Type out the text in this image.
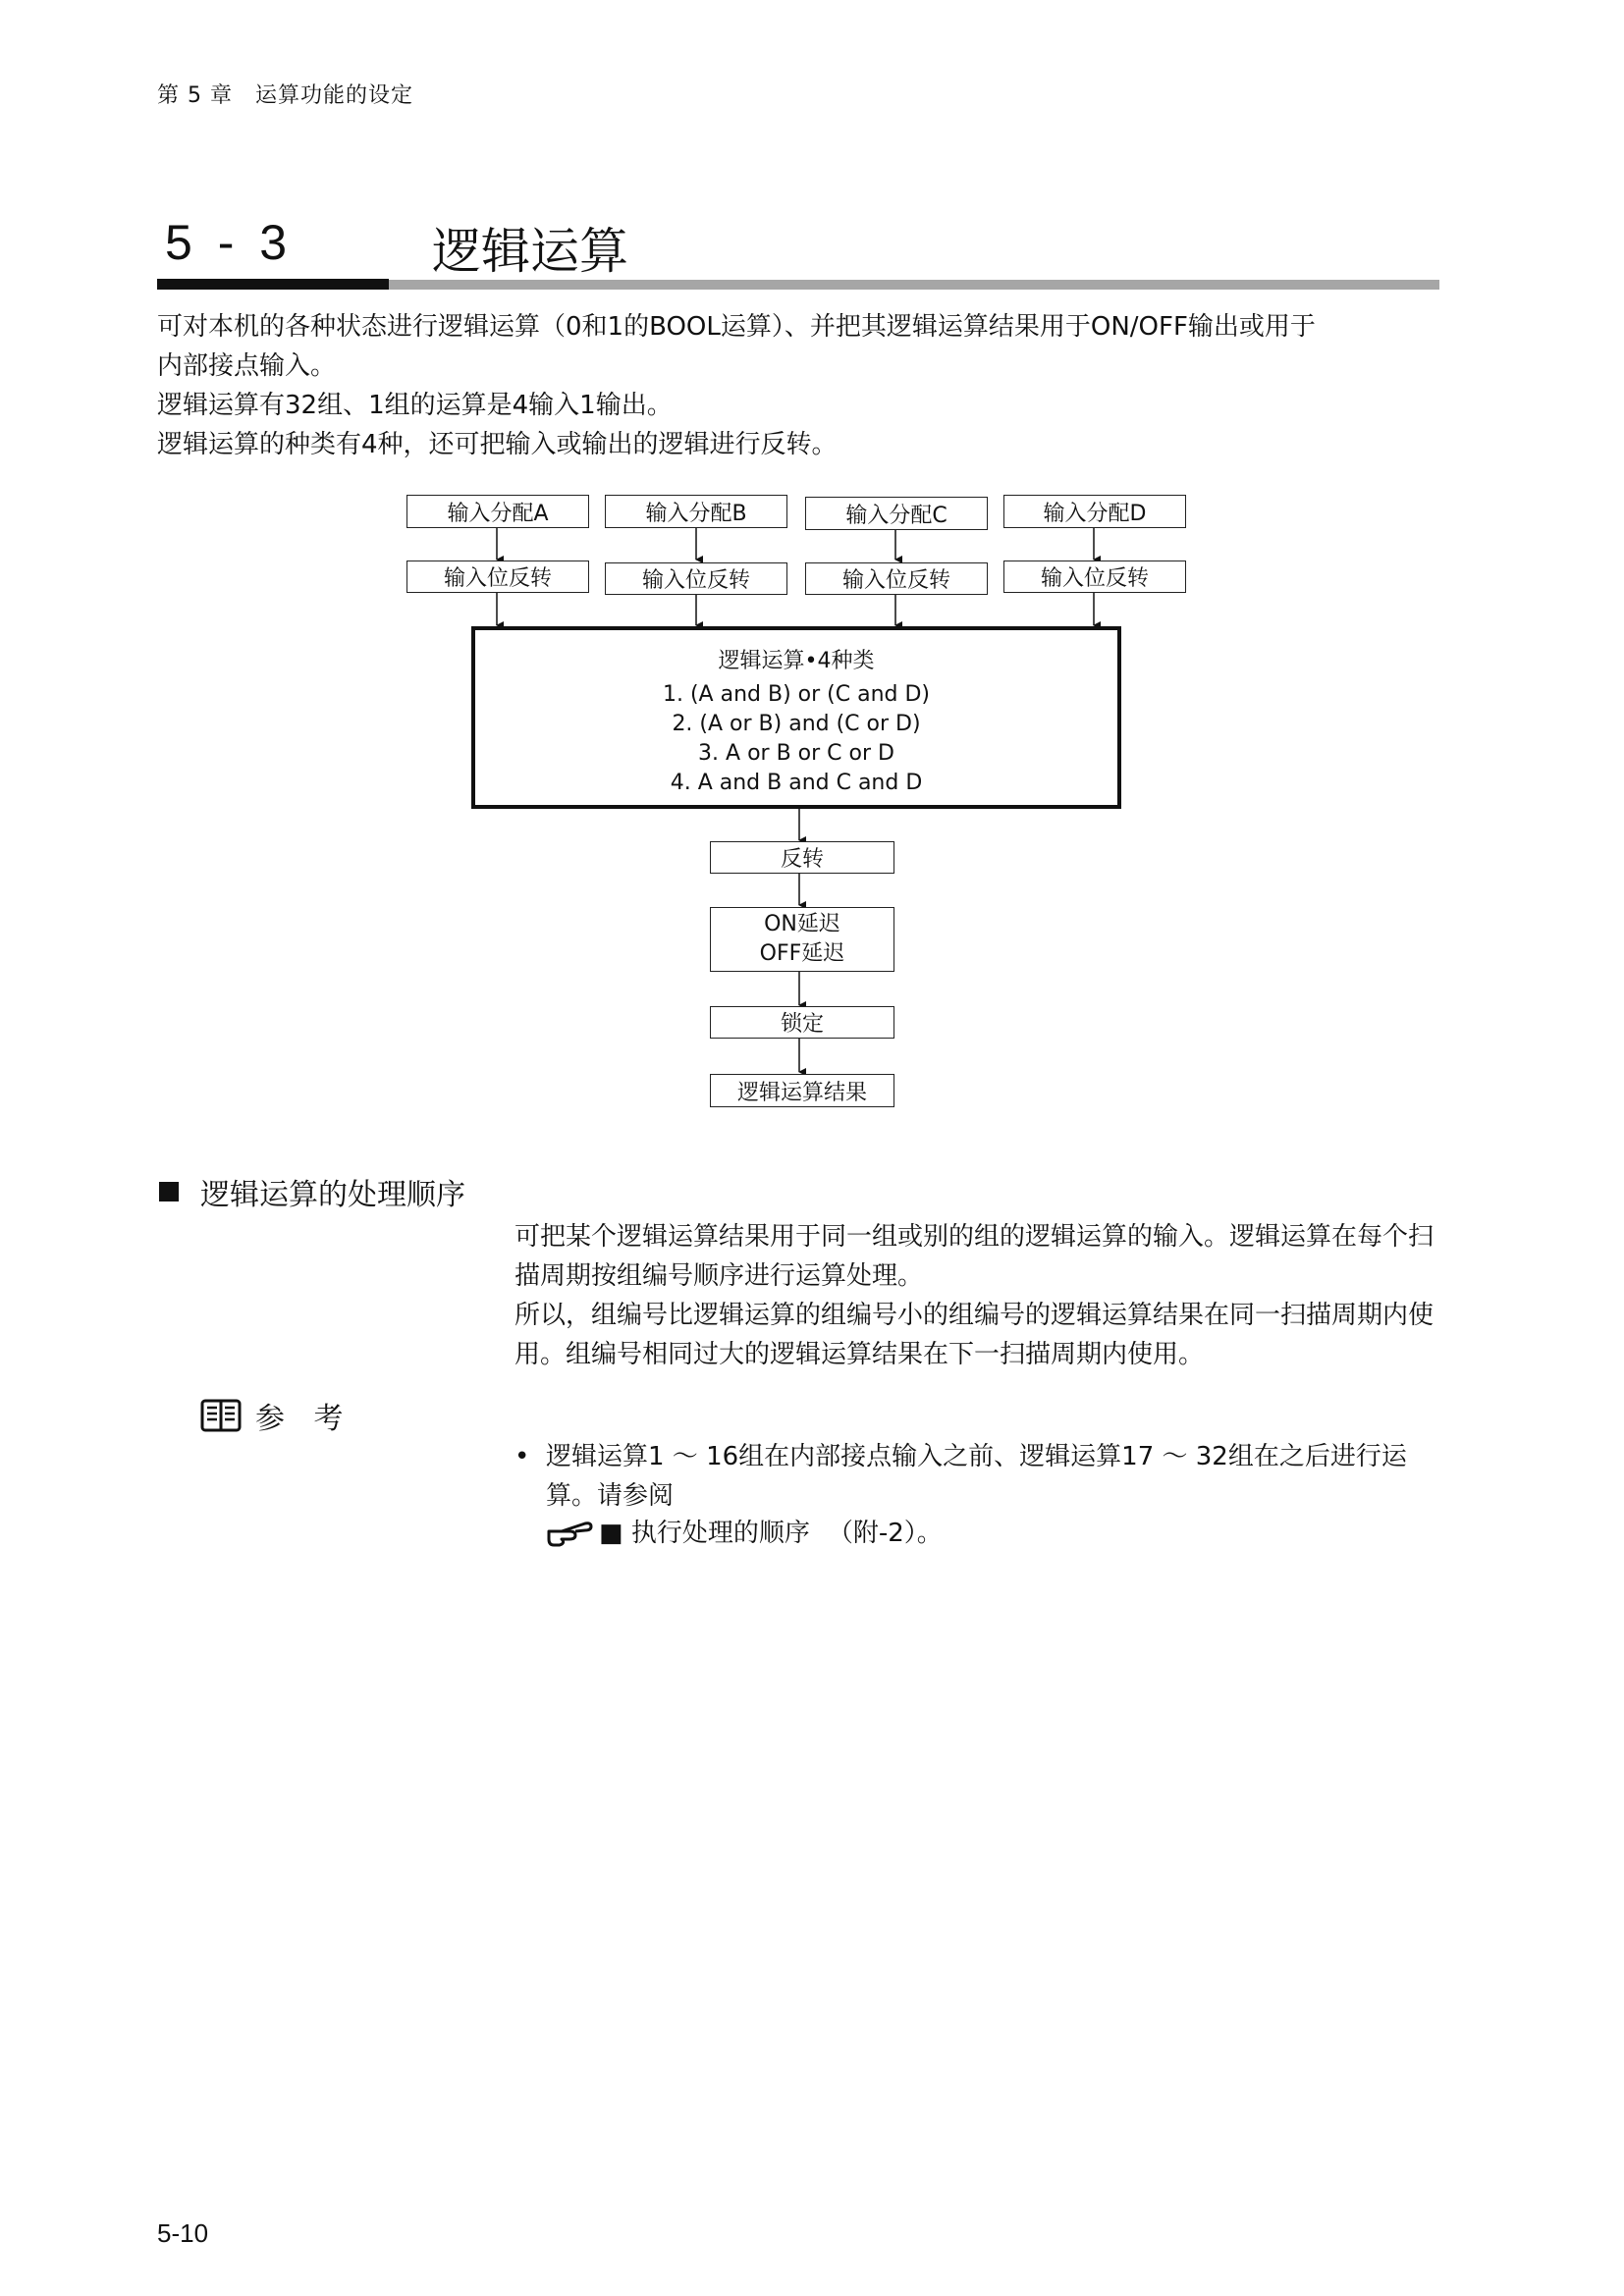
第 5 章　运算功能的设定
5 - 3	逻辑运算
可对本机的各种状态进行逻辑运算（0和1的BOOL运算）、并把其逻辑运算结果用于ON/OFF输出或用于
内部接点输入。
逻辑运算有32组、1组的运算是4输入1输出。
逻辑运算的种类有4种，还可把输入或输出的逻辑进行反转。
输入分配A	输入分配B	输入分配C	输入分配D
输入位反转	输入位反转	输入位反转	输入位反转
逻辑运算•4种类
1. (A and B) or (C and D)
2. (A or B) and (C or D)
3. A or B or C or D
4. A and B and C and D
反转
ON延迟
OFF延迟
锁定
逻辑运算结果
逻辑运算的处理顺序
可把某个逻辑运算结果用于同一组或别的组的逻辑运算的输入。逻辑运算在每个扫描周期按组编号顺序进行运算处理。
所以，组编号比逻辑运算的组编号小的组编号的逻辑运算结果在同一扫描周期内使用。组编号相同过大的逻辑运算结果在下一扫描周期内使用。
参 考
• 逻辑运算1 ～ 16组在内部接点输入之前、逻辑运算17 ～ 32组在之后进行运算。请参阅
■ 执行处理的顺序 （附-2）。
5-10
